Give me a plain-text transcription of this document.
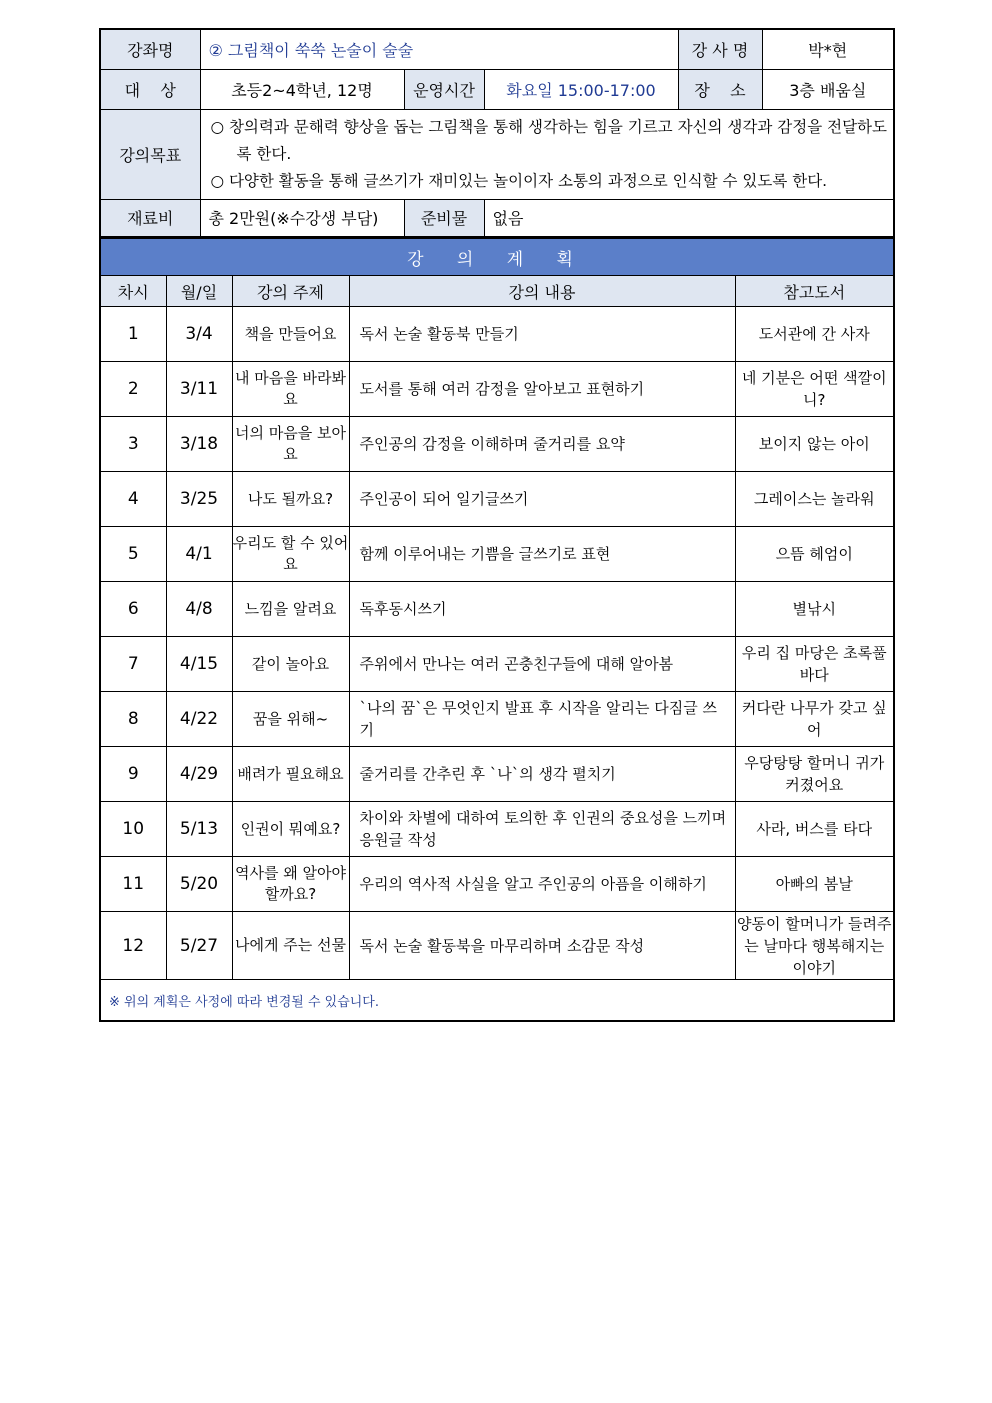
강좌명	② 그림책이 쑥쑥 논술이 술술			강 사 명	박*현
대    상	초등2~4학년, 12명	운영시간	화요일 15:00-17:00	장    소	3층 배움실
강의목표	○ 창의력과 문해력 향상을 돕는 그림책을 통해 생각하는 힘을 기르고 자신의 생각과 감정을 전달하도록 한다.
○ 다양한 활동을 통해 글쓰기가 재미있는 놀이이자 소통의 과정으로 인식할 수 있도록 한다.				

재료비	총 2만원(※수강생 부담)	준비물	없음		
강 의 계 획				
차시	월/일	강의 주제	강의 내용	참고도서
1	3/4	책을 만들어요	독서 논술 활동북 만들기	도서관에 간 사자
2	3/11	내 마음을 바라봐요	도서를 통해 여러 감정을 알아보고 표현하기	네 기분은 어떤 색깔이니?
3	3/18	너의 마음을 보아요	주인공의 감정을 이해하며 줄거리를 요약	보이지 않는 아이
4	3/25	나도 될까요?	주인공이 되어 일기글쓰기	그레이스는 놀라워
5	4/1	우리도 할 수 있어요	함께 이루어내는 기쁨을 글쓰기로 표현	으뜸 헤엄이
6	4/8	느낌을 알려요	독후동시쓰기	별낚시
7	4/15	같이 놀아요	주위에서 만나는 여러 곤충친구들에 대해 알아봄	우리 집 마당은 초록풀 바다
8	4/22	꿈을 위해~	`나의 꿈`은 무엇인지 발표 후 시작을 알리는 다짐글 쓰기	커다란 나무가 갖고 싶어
9	4/29	배려가 필요해요	줄거리를 간추린 후 `나`의 생각 펼치기	우당탕탕 할머니 귀가 커졌어요
10	5/13	인권이 뭐예요?	차이와 차별에 대하여 토의한 후 인권의 중요성을 느끼며 응원글 작성	사라, 버스를 타다
11	5/20	역사를 왜 알아야 할까요?	우리의 역사적 사실을 알고 주인공의 아픔을 이해하기	아빠의 봄날
12	5/27	나에게 주는 선물	독서 논술 활동북을 마무리하며 소감문 작성	양동이 할머니가 들려주는 날마다 행복해지는 이야기
※ 위의 계획은 사정에 따라 변경될 수 있습니다.				
